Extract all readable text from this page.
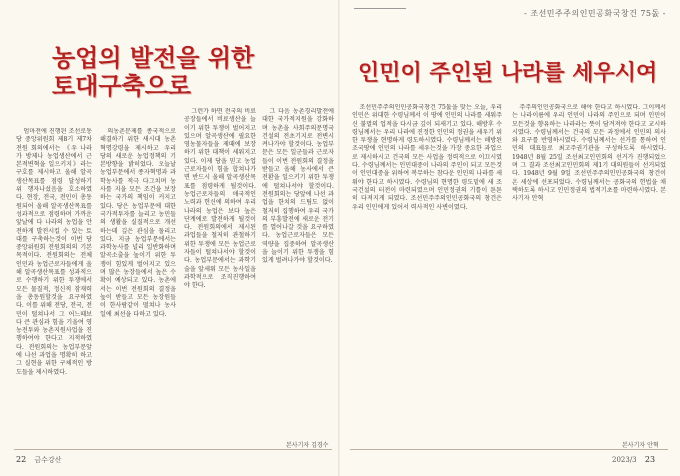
농업의 발전을 위한
토대구축으로

엄마전에 진행된 조선로동당 중앙위원회 제8기 제7차전원 회의에서는 《우 나라가 방제나 농업생산에서 근본적변혁을 일으키지》라는 구호를 제시하고 올해 알곡생산목표를 점령 달성하기 위 행자나섰음을 호소하였다. 현장, 전국, 전민이 총동원되어 올해 알곡생산목표를 성과적으로 점령하며 가까운 앞날에 다 나라의 농업을 안전하게 발전시킬 수 있는 토대를 구축하는것이 이번 당중앙위원회 전원회의의 기본목적이다. 전원회의는 전체인민과 농업근로자들에게 올해 알곡생산목표를 성과적으로 수행하기 위한 투쟁에서 모든 물질적, 정신적 잠재력을 총동원할것을 요구하였다. 이를 위해 전당, 전국, 전민이 떨쳐나서 그 어느때보다 큰 관심과 힘을 기울여 영농전투와 농촌지원사업을 진행하여야 한다고 지적하였다. 전원회의는 농업부문앞에 나선 과업을 명확히 하고 그 실현을 위한 구체적인 방도들을 제시하였다.

의농촌문제를 종국적으로 해결하기 위한 새시대 농촌혁명강령을 제시하고 우리 당의 새로운 농업정책의 기본방향을 밝히었다. 오늘날 농업부문에서 종자혁명과 과학농사를 적극 다그치며 농사를 지을 모든 조건을 보장하는 국가의 책임이 커지고 있다. 당은 농업부문에 대한 국가적투자를 늘리고 농민들의 생활을 실질적으로 개선하는데 깊은 관심을 돌리고 있다. 지금 농업부문에서는 과학농사를 널리 일반화하며 알곡소출을 높이기 위한 투쟁이 힘있게 벌어지고 있으며 많은 농장들에서 높은 수확이 예상되고 있다. 농촌에서는 이번 전원회의 결정을 높이 받들고 모든 농장원들이 한사람같이 떨쳐나 농사일에 최선을 다하고 있다.

그런가 하면 전국의 비료공장들에서 비료생산을 늘이기 위한 투쟁이 벌어지고 있으며 알곡생산에 필요한 영농물자들을 제때에 보장하기 위한 대책이 세워지고 있다. 이제 당을 믿고 농업근로자들이 힘을 합쳐나가면 반드시 올해 알곡생산목표를 점령하게 될것이다. 농업근로자들의 애국적인 노력과 헌신에 의하여 우리 나라의 농업은 보다 높은 단계에로 발전하게 될것이다. 전원회의에서 제시된 과업들을 철저히 관철하기 위한 투쟁에 모든 농업근로자들이 떨쳐나서야 할것이다. 농업부문에서는 과학기술을 앞세워 모든 농사일을 과학적으로 조직진행하여야 한다.

그 다음 농촌경리발전에 대한 국가적지원을 강화하며 농촌을 사회주의문명국건설의 전초기지로 전변시켜나가야 할것이다. 농업부문은 모든 일군들과 근로자들이 이번 전원회의 결정을 받들고 올해 농사에서 큰 전환을 일으키기 위한 투쟁에 떨쳐나서야 할것이다. 전원회의는 당앞에 나선 과업을 한치의 드팀도 없이 철저히 집행하여 우리 국가의 부흥발전에 새로운 전기를 열어나갈 것을 요구하였다. 농업근로자들은 모든 역량을 집중하여 알곡생산을 늘이기 위한 투쟁을 힘있게 벌려나가야 할것이다.

본사기자 김경수
22 금수강산
- 조선민주주의인민공화국창건 75돐 -
인민이 주인된 나라를 세우시여

조선민주주의인민공화국창건 75돐을 맞는 오늘, 우리 인민은 위대한 수령님께서 이 땅에 인민의 나라를 세워주신 불멸의 업적을 다시금 깊이 되새기고 있다. 해방후 수령님께서는 우리 나라에 진정한 인민의 정권을 세우기 위한 투쟁을 현명하게 령도하시였다. 수령님께서는 해방된 조국땅에 인민의 나라를 세우는것을 가장 중요한 과업으로 제시하시고 건국의 모든 사업을 정력적으로 이끄시였다. 수령님께서는 인민대중이 나라의 주인이 되고 모든것이 인민대중을 위하여 복무하는 참다운 인민의 나라를 세워야 한다고 하시였다. 수령님의 현명한 령도밑에 새 조국건설의 터전이 마련되였으며 인민정권의 기틀이 튼튼히 다져지게 되였다. 조선민주주의인민공화국의 창건은 우리 인민에게 있어서 력사적인 사변이였다.

주주의인민공화국으로 해야 한다고 하시였다. 그이께서는 나라이름에 우리 인민이 나라의 주인으로 되며 인민이 모든것을 향유하는 나라라는 뜻이 담겨져야 한다고 교시하시였다. 수령님께서는 건국의 모든 과정에서 인민의 의사와 요구를 반영하시였다. 수령님께서는 선거를 통하여 인민의 대표들로 최고주권기관을 구성하도록 하시였다. 1948년 8월 25일 조선최고인민회의 선거가 진행되었으며 그 결과 조선최고인민회의 제1기 대의원들이 선거되었다. 1948년 9월 9일 조선민주주의인민공화국의 창건이 온 세상에 선포되었다. 수령님께서는 공화국의 헌법을 채택하도록 하시고 인민정권의 법적기초를 마련하시였다. 본사기자 안혁

본사기자 안혁
2023/3 23
